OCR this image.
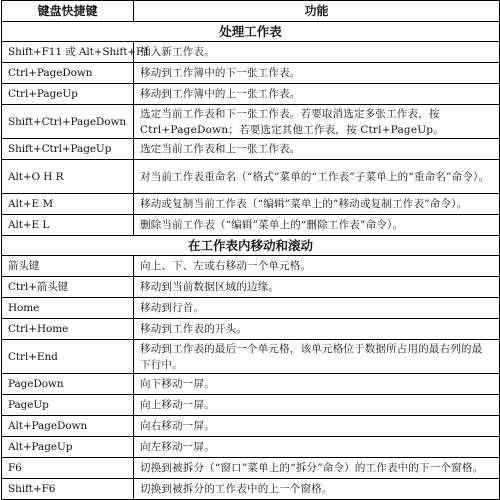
键盘快捷键	功能
处理工作表	
Shift+F11 或 Alt+Shift+F1	插入新工作表。
Ctrl+PageDown	移动到工作簿中的下一张工作表。
Ctrl+PageUp	移动到工作簿中的上一张工作表。
Shift+Ctrl+PageDown	选定当前工作表和下一张工作表。若要取消选定多张工作表，按 Ctrl+PageDown；若要选定其他工作表，按 Ctrl+PageUp。
Shift+Ctrl+PageUp	选定当前工作表和上一张工作表。
Alt+O H R	对当前工作表重命名（“格式”菜单的“工作表”子菜单上的“重命名”命令）。
Alt+E M	移动或复制当前工作表（“编辑”菜单上的“移动或复制工作表”命令）。
Alt+E L	删除当前工作表（“编辑”菜单上的“删除工作表”命令）。
在工作表内移动和滚动	
箭头键	向上、下、左或右移动一个单元格。
Ctrl+箭头键	移动到当前数据区域的边缘。
Home	移动到行首。
Ctrl+Home	移动到工作表的开头。
Ctrl+End	移动到工作表的最后一个单元格，该单元格位于数据所占用的最右列的最下行中。
PageDown	向下移动一屏。
PageUp	向上移动一屏。
Alt+PageDown	向右移动一屏。
Alt+PageUp	向左移动一屏。
F6	切换到被拆分（“窗口”菜单上的“拆分”命令）的工作表中的下一个窗格。
Shift+F6	切换到被拆分的工作表中的上一个窗格。
